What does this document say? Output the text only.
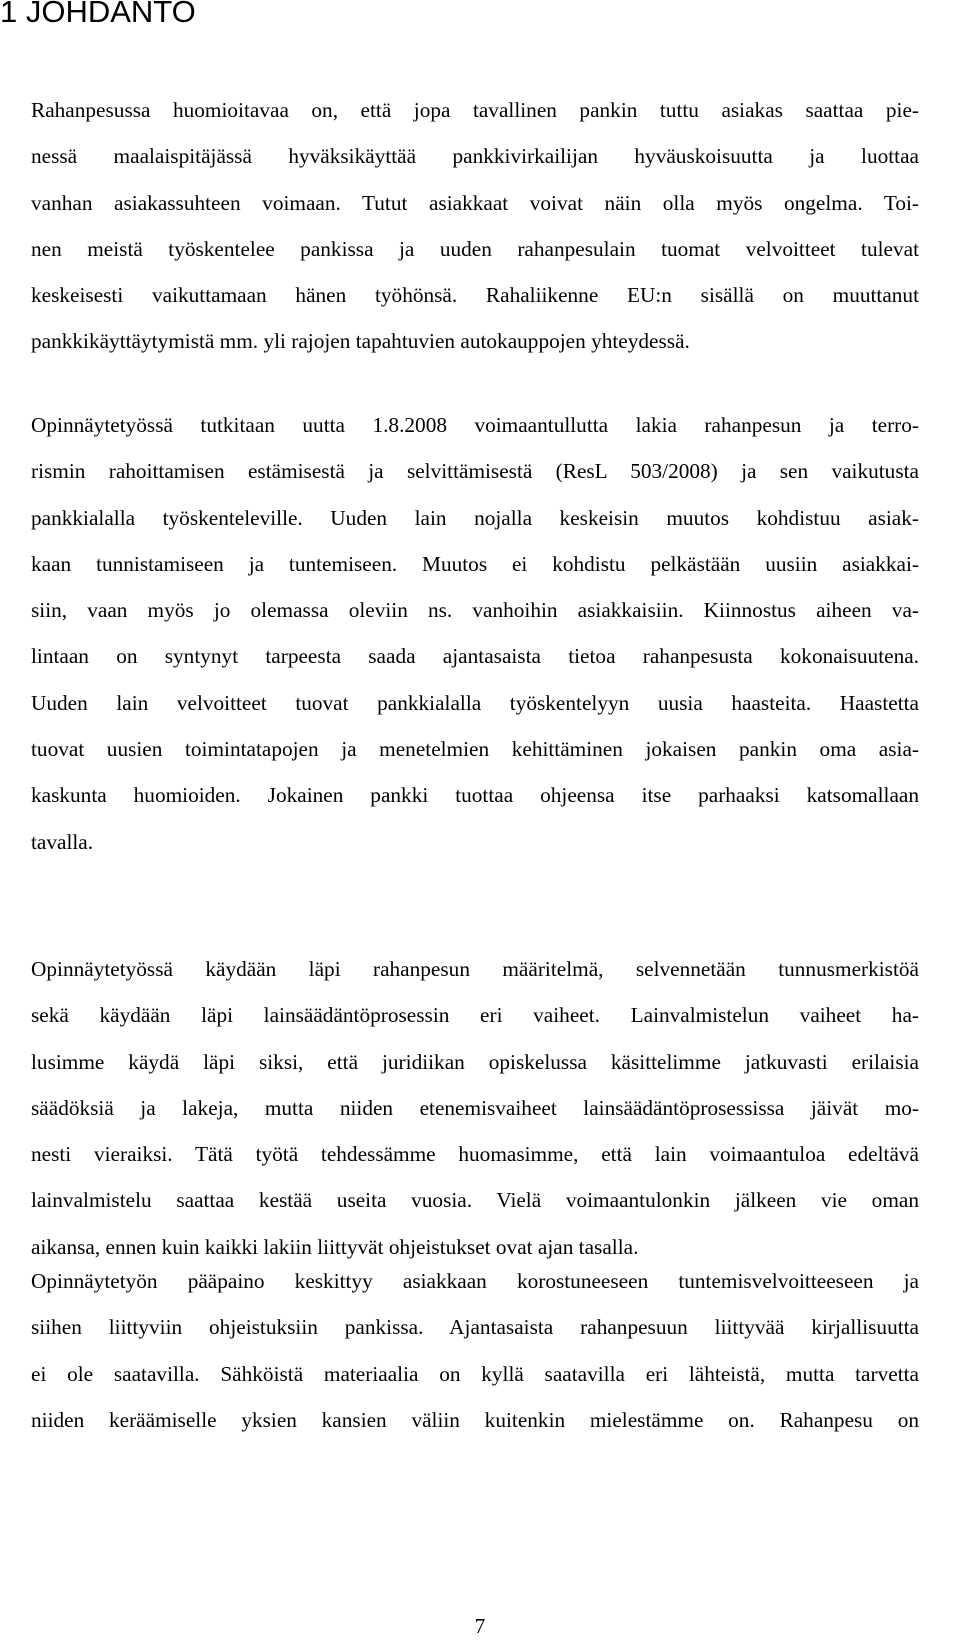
1 JOHDANTO

Rahanpesussa huomioitavaa on, että jopa tavallinen pankin tuttu asiakas saattaa pie-
nessä maalaispitäjässä hyväksikäyttää pankkivirkailijan hyväuskoisuutta ja luottaa
vanhan asiakassuhteen voimaan. Tutut asiakkaat voivat näin olla myös ongelma. Toi-
nen meistä työskentelee pankissa ja uuden rahanpesulain tuomat velvoitteet tulevat
keskeisesti vaikuttamaan hänen työhönsä. Rahaliikenne EU:n sisällä on muuttanut
pankkikäyttäytymistä mm. yli rajojen tapahtuvien autokauppojen yhteydessä.

Opinnäytetyössä tutkitaan uutta 1.8.2008 voimaantullutta lakia rahanpesun ja terro-
rismin rahoittamisen estämisestä ja selvittämisestä (ResL 503/2008) ja sen vaikutusta
pankkialalla työskenteleville. Uuden lain nojalla keskeisin muutos kohdistuu asiak-
kaan tunnistamiseen ja tuntemiseen. Muutos ei kohdistu pelkästään uusiin asiakkai-
siin, vaan myös jo olemassa oleviin ns. vanhoihin asiakkaisiin. Kiinnostus aiheen va-
lintaan on syntynyt tarpeesta saada ajantasaista tietoa rahanpesusta kokonaisuutena.
Uuden lain velvoitteet tuovat pankkialalla työskentelyyn uusia haasteita. Haastetta
tuovat uusien toimintatapojen ja menetelmien kehittäminen jokaisen pankin oma asia-
kaskunta huomioiden. Jokainen pankki tuottaa ohjeensa itse parhaaksi katsomallaan
tavalla.

Opinnäytetyössä käydään läpi rahanpesun määritelmä, selvennetään tunnusmerkistöä
sekä käydään läpi lainsäädäntöprosessin eri vaiheet. Lainvalmistelun vaiheet ha-
lusimme käydä läpi siksi, että juridiikan opiskelussa käsittelimme jatkuvasti erilaisia
säädöksiä ja lakeja, mutta niiden etenemisvaiheet lainsäädäntöprosessissa jäivät mo-
nesti vieraiksi. Tätä työtä tehdessämme huomasimme, että lain voimaantuloa edeltävä
lainvalmistelu saattaa kestää useita vuosia. Vielä voimaantulonkin jälkeen vie oman
aikansa, ennen kuin kaikki lakiin liittyvät ohjeistukset ovat ajan tasalla.

Opinnäytetyön pääpaino keskittyy asiakkaan korostuneeseen tuntemisvelvoitteeseen ja
siihen liittyviin ohjeistuksiin pankissa. Ajantasaista rahanpesuun liittyvää kirjallisuutta
ei ole saatavilla. Sähköistä materiaalia on kyllä saatavilla eri lähteistä, mutta tarvetta
niiden keräämiselle yksien kansien väliin kuitenkin mielestämme on. Rahanpesu on

7
